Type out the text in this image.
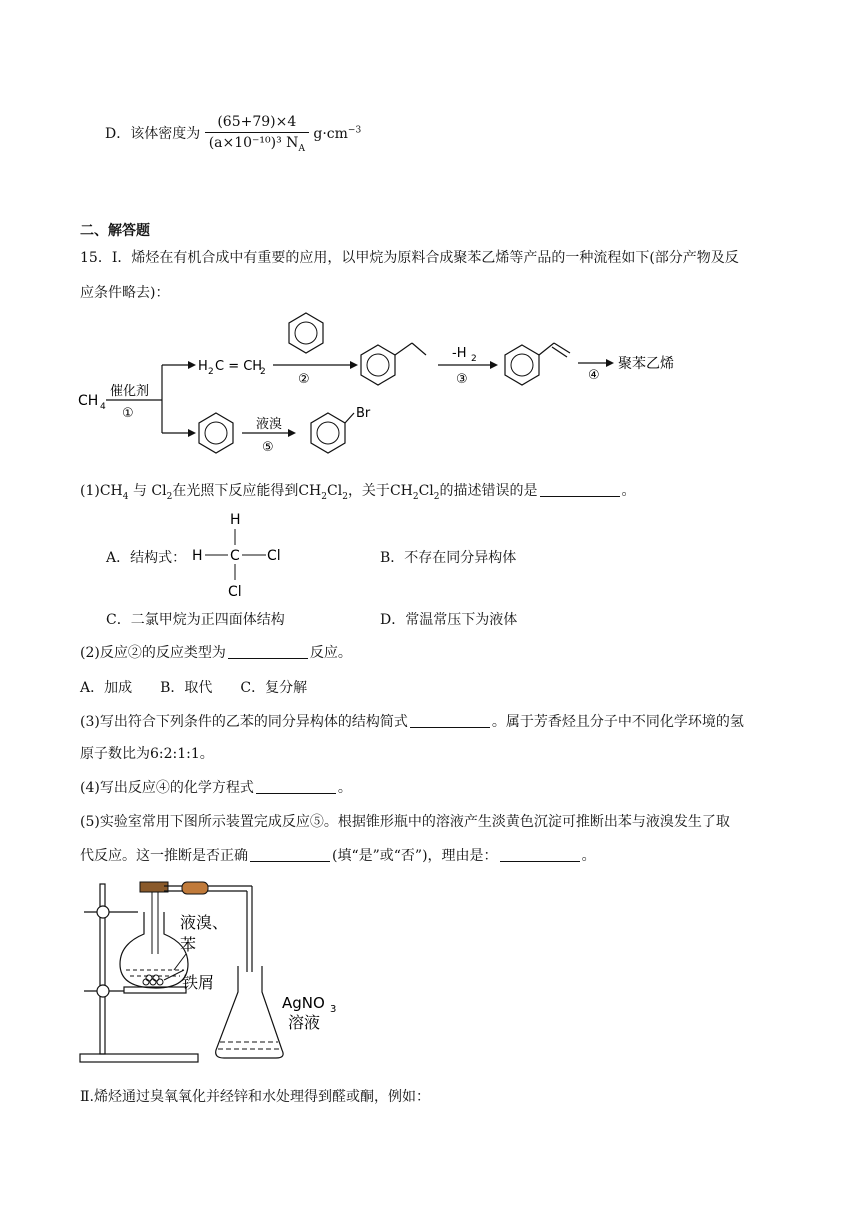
D．该体密度为 $\frac{(65+79)\times 4}{(a\times 10^{-10})^3 N_A} g\cdot cm^{-3}$
二、解答题
15．I．烯烃在有机合成中有重要的应用，以甲烷为原料合成聚苯乙烯等产品的一种流程如下(部分产物及反
应条件略去)：
CH 4
催化剂
①
H 2 C = CH
2 ②
-H 2
③	④
聚苯乙烯
液溴
⑤
Br
$(1)CH_4$ 与 $Cl_2$在光照下反应能得到$CH_2Cl_2$，关于$CH_2Cl_2$的描述错误的是	。
A．结构式：
H
H C Cl
Cl
B．不存在同分异构体
C．二氯甲烷为正四面体结构	D．常温常压下为液体
(2)反应②的反应类型为	反应。
A．加成　　B．取代　　C．复分解
(3)写出符合下列条件的乙苯的同分异构体的结构简式	。属于芳香烃且分子中不同化学环境的氢
原子数比为6:2:1:1。
(4)写出反应④的化学方程式	。
(5)实验室常用下图所示装置完成反应⑤。根据锥形瓶中的溶液产生淡黄色沉淀可推断出苯与液溴发生了取
代反应。这一推断是否正确	(填“是”或“否”)，理由是：	。
液溴、
苯
铁屑
AgNO 3
溶液
Ⅱ.烯烃通过臭氧氧化并经锌和水处理得到醛或酮，例如：
